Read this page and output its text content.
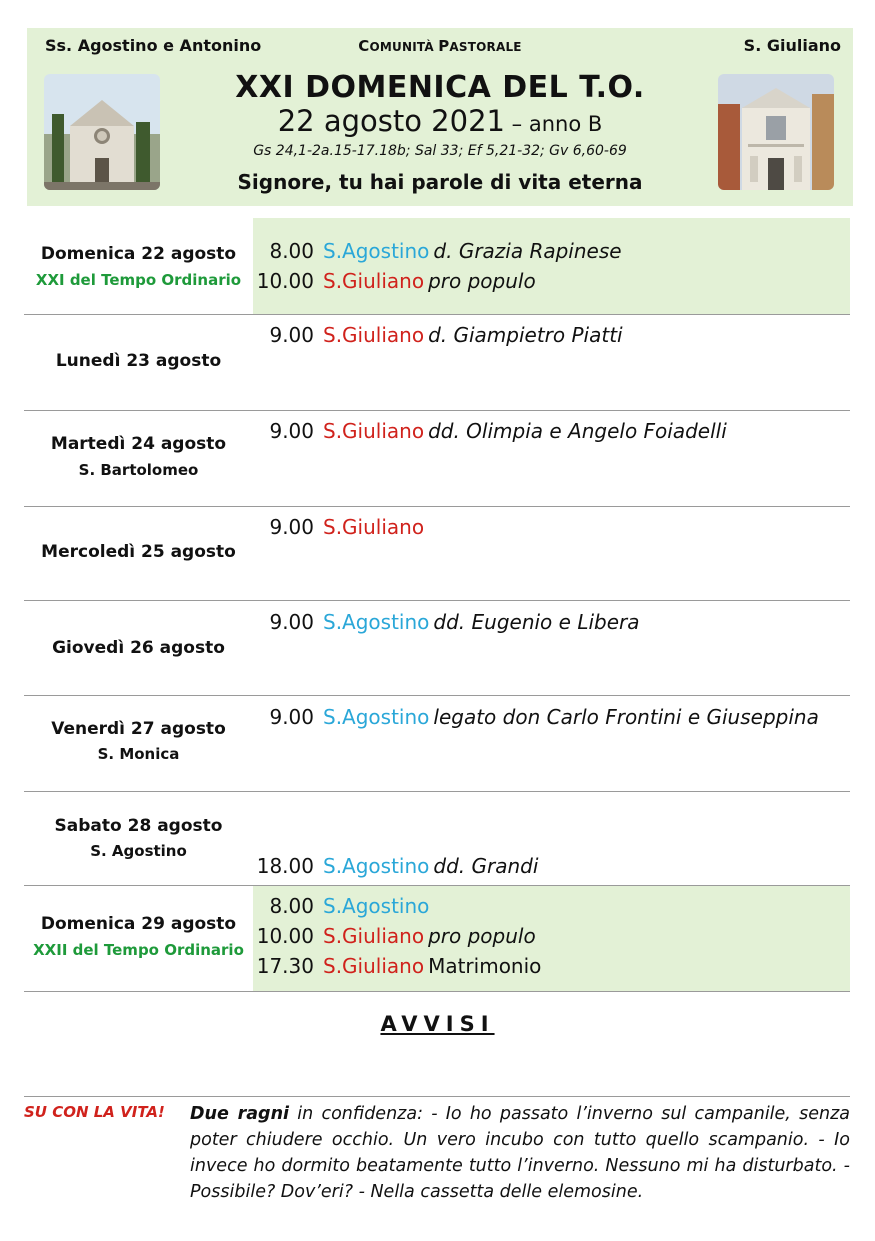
Ss. Agostino e Antonino	COMUNITÀ PASTORALE	S. Giuliano
XXI DOMENICA DEL T.O.
22 agosto 2021 – anno B
Gs 24,1-2a.15-17.18b; Sal 33; Ef 5,21-32; Gv 6,60-69
Signore, tu hai parole di vita eterna
Domenica 22 agosto
XXI del Tempo Ordinario
8.00 S.Agostino d. Grazia Rapinese
10.00 S.Giuliano pro populo
Lunedì 23 agosto
9.00 S.Giuliano d. Giampietro Piatti
Martedì 24 agosto
S. Bartolomeo
9.00 S.Giuliano dd. Olimpia e Angelo Foiadelli
Mercoledì 25 agosto
9.00 S.Giuliano
Giovedì 26 agosto
9.00 S.Agostino dd. Eugenio e Libera
Venerdì 27 agosto
S. Monica
9.00 S.Agostino legato don Carlo Frontini e Giuseppina
Sabato 28 agosto
S. Agostino
18.00 S.Agostino dd. Grandi
Domenica 29 agosto
XXII del Tempo Ordinario
8.00 S.Agostino
10.00 S.Giuliano pro populo
17.30 S.Giuliano Matrimonio
AVVISI
SU CON LA VITA! Due ragni in confidenza: - Io ho passato l’inverno sul campanile, senza poter chiudere occhio. Un vero incubo con tutto quello scampanio. - Io invece ho dormito beatamente tutto l’inverno. Nessuno mi ha disturbato. - Possibile? Dov’eri? - Nella cassetta delle elemosine.
